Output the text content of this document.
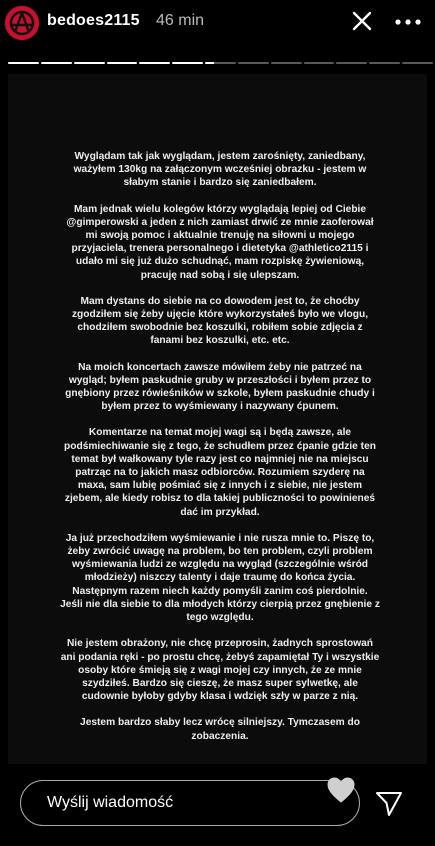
bedoes2115 46 min

Wyglądam tak jak wyglądam, jestem zarośnięty, zaniedbany, ważyłem 130kg na załączonym wcześniej obrazku - jestem w słabym stanie i bardzo się zaniedbałem.

Mam jednak wielu kolegów którzy wyglądają lepiej od Ciebie @gimperowski a jeden z nich zamiast drwić ze mnie zaoferował mi swoją pomoc i aktualnie trenuję na siłowni u mojego przyjaciela, trenera personalnego i dietetyka @athletico2115 i udało mi się już dużo schudnąć, mam rozpiskę żywieniową, pracuję nad sobą i się ulepszam.

Mam dystans do siebie na co dowodem jest to, że choćby zgodziłem się żeby ujęcie które wykorzystałeś było we vlogu, chodziłem swobodnie bez koszulki, robiłem sobie zdjęcia z fanami bez koszulki, etc. etc.

Na moich koncertach zawsze mówiłem żeby nie patrzeć na wygląd; byłem paskudnie gruby w przeszłości i byłem przez to gnębiony przez rówieśników w szkole, byłem paskudnie chudy i byłem przez to wyśmiewany i nazywany ćpunem.

Komentarze na temat mojej wagi są i będą zawsze, ale podśmiechiwanie się z tego, że schudłem przez ćpanie gdzie ten temat był wałkowany tyle razy jest co najmniej nie na miejscu patrząc na to jakich masz odbiorców. Rozumiem szyderę na maxa, sam lubię pośmiać się z innych i z siebie, nie jestem zjebem, ale kiedy robisz to dla takiej publiczności to powinieneś dać im przykład.

Ja już przechodziłem wyśmiewanie i nie rusza mnie to. Piszę to, żeby zwrócić uwagę na problem, bo ten problem, czyli problem wyśmiewania ludzi ze względu na wygląd (szczególnie wśród młodzieży) niszczy talenty i daje traumę do końca życia. Następnym razem niech każdy pomyśli zanim coś pierdolnie. Jeśli nie dla siebie to dla młodych którzy cierpią przez gnębienie z tego względu.

Nie jestem obrażony, nie chcę przeprosin, żadnych sprostowań ani podania ręki - po prostu chcę, żebyś zapamiętał Ty i wszystkie osoby które śmieją się z wagi mojej czy innych, że ze mnie szydziłeś. Bardzo się cieszę, że masz super sylwetkę, ale cudownie byłoby gdyby klasa i wdzięk szły w parze z nią.

Jestem bardzo słaby lecz wrócę silniejszy. Tymczasem do zobaczenia.

Wyślij wiadomość
